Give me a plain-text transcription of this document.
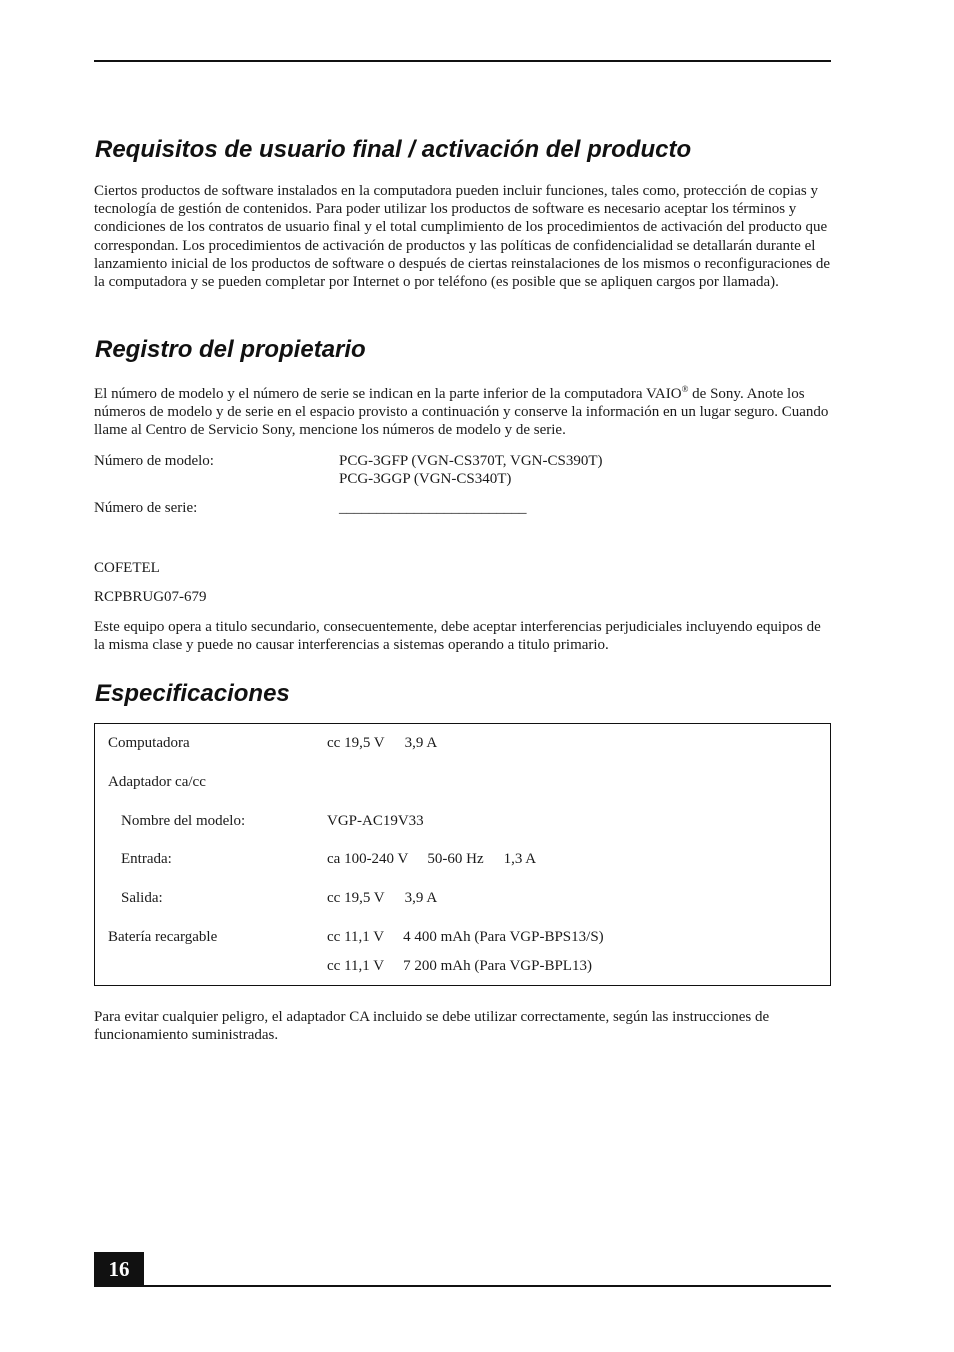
Requisitos de usuario final / activación del producto

Ciertos productos de software instalados en la computadora pueden incluir funciones, tales como, protección de copias y tecnología de gestión de contenidos. Para poder utilizar los productos de software es necesario aceptar los términos y condiciones de los contratos de usuario final y el total cumplimiento de los procedimientos de activación del producto que correspondan. Los procedimientos de activación de productos y las políticas de confidencialidad se detallarán durante el lanzamiento inicial de los productos de software o después de ciertas reinstalaciones de los mismos o reconfiguraciones de la computadora y se pueden completar por Internet o por teléfono (es posible que se apliquen cargos por llamada).

Registro del propietario

El número de modelo y el número de serie se indican en la parte inferior de la computadora VAIO® de Sony. Anote los números de modelo y de serie en el espacio provisto a continuación y conserve la información en un lugar seguro. Cuando llame al Centro de Servicio Sony, mencione los números de modelo y de serie.

Número de modelo:	PCG-3GFP (VGN-CS370T, VGN-CS390T)
PCG-3GGP (VGN-CS340T)
Número de serie:	_________________________
COFETEL
RCPBRUG07-679

Este equipo opera a titulo secundario, consecuentemente, debe aceptar interferencias perjudiciales incluyendo equipos de la misma clase y puede no causar interferencias a sistemas operando a titulo primario.

Especificaciones
Computadora	cc 19,5 V 3,9 A
Adaptador ca/cc
Nombre del modelo:	VGP-AC19V33
Entrada:	ca 100-240 V 50-60 Hz 1,3 A
Salida:	cc 19,5 V 3,9 A
Batería recargable	cc 11,1 V 4 400 mAh (Para VGP-BPS13/S)
cc 11,1 V 7 200 mAh (Para VGP-BPL13)

Para evitar cualquier peligro, el adaptador CA incluido se debe utilizar correctamente, según las instrucciones de funcionamiento suministradas.

16
